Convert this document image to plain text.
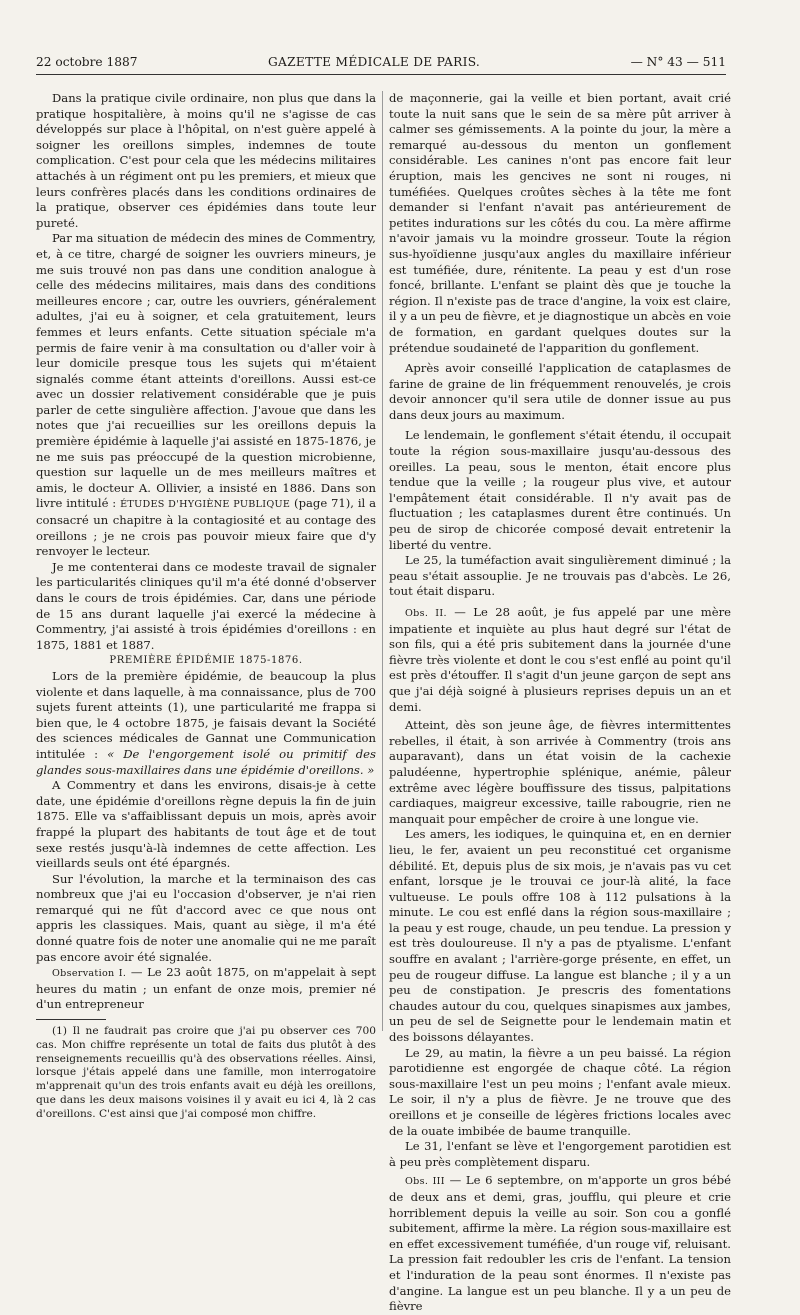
22 octobre 1887	GAZETTE MÉDICALE DE PARIS.	— N° 43 — 511

Dans la pratique civile ordinaire, non plus que dans la pratique hospitalière, à moins qu'il ne s'agisse de cas développés sur place à l'hôpital, on n'est guère appelé à soigner les oreillons simples, indemnes de toute complication. C'est pour cela que les médecins militaires attachés à un régiment ont pu les premiers, et mieux que leurs confrères placés dans les conditions ordinaires de la pratique, observer ces épidémies dans toute leur pureté.

Par ma situation de médecin des mines de Commentry, et, à ce titre, chargé de soigner les ouvriers mineurs, je me suis trouvé non pas dans une condition analogue à celle des médecins militaires, mais dans des conditions meilleures encore ; car, outre les ouvriers, généralement adultes, j'ai eu à soigner, et cela gratuitement, leurs femmes et leurs enfants. Cette situation spéciale m'a permis de faire venir à ma consultation ou d'aller voir à leur domicile presque tous les sujets qui m'étaient signalés comme étant atteints d'oreillons. Aussi est-ce avec un dossier relativement considérable que je puis parler de cette singulière affection. J'avoue que dans les notes que j'ai recueillies sur les oreillons depuis la première épidémie à laquelle j'ai assisté en 1875-1876, je ne me suis pas préoccupé de la question microbienne, question sur laquelle un de mes meilleurs maîtres et amis, le docteur A. Ollivier, a insisté en 1886. Dans son livre intitulé : ÉTUDES D'HYGIÈNE PUBLIQUE (page 71), il a consacré un chapitre à la contagiosité et au contage des oreillons ; je ne crois pas pouvoir mieux faire que d'y renvoyer le lecteur.

Je me contenterai dans ce modeste travail de signaler les particularités cliniques qu'il m'a été donné d'observer dans le cours de trois épidémies. Car, dans une période de 15 ans durant laquelle j'ai exercé la médecine à Commentry, j'ai assisté à trois épidémies d'oreillons : en 1875, 1881 et 1887.

PREMIÈRE ÉPIDÉMIE 1875-1876.

Lors de la première épidémie, de beaucoup la plus violente et dans laquelle, à ma connaissance, plus de 700 sujets furent atteints (1), une particularité me frappa si bien que, le 4 octobre 1875, je faisais devant la Société des sciences médicales de Gannat une Communication intitulée : « De l'engorgement isolé ou primitif des glandes sous-maxillaires dans une épidémie d'oreillons. »

A Commentry et dans les environs, disais-je à cette date, une épidémie d'oreillons règne depuis la fin de juin 1875. Elle va s'affaiblissant depuis un mois, après avoir frappé la plupart des habitants de tout âge et de tout sexe restés jusqu'à-là indemnes de cette affection. Les vieillards seuls ont été épargnés.

Sur l'évolution, la marche et la terminaison des cas nombreux que j'ai eu l'occasion d'observer, je n'ai rien remarqué qui ne fût d'accord avec ce que nous ont appris les classiques. Mais, quant au siège, il m'a été donné quatre fois de noter une anomalie qui ne me paraît pas encore avoir été signalée.

Observation I. — Le 23 août 1875, on m'appelait à sept heures du matin ; un enfant de onze mois, premier né d'un entrepreneur

(1) Il ne faudrait pas croire que j'ai pu observer ces 700 cas. Mon chiffre représente un total de faits dus plutôt à des renseignements recueillis qu'à des observations réelles. Ainsi, lorsque j'étais appelé dans une famille, mon interrogatoire m'apprenait qu'un des trois enfants avait eu déjà les oreillons, que dans les deux maisons voisines il y avait eu ici 4, là 2 cas d'oreillons. C'est ainsi que j'ai composé mon chiffre.

de maçonnerie, gai la veille et bien portant, avait crié toute la nuit sans que le sein de sa mère pût arriver à calmer ses gémissements. A la pointe du jour, la mère a remarqué au-dessous du menton un gonflement considérable. Les canines n'ont pas encore fait leur éruption, mais les gencives ne sont ni rouges, ni tuméfiées. Quelques croûtes sèches à la tête me font demander si l'enfant n'avait pas antérieurement de petites indurations sur les côtés du cou. La mère affirme n'avoir jamais vu la moindre grosseur. Toute la région sus-hyoïdienne jusqu'aux angles du maxillaire inférieur est tuméfiée, dure, rénitente. La peau y est d'un rose foncé, brillante. L'enfant se plaint dès que je touche la région. Il n'existe pas de trace d'angine, la voix est claire, il y a un peu de fièvre, et je diagnostique un abcès en voie de formation, en gardant quelques doutes sur la prétendue soudaineté de l'apparition du gonflement.

Après avoir conseillé l'application de cataplasmes de farine de graine de lin fréquemment renouvelés, je crois devoir annoncer qu'il sera utile de donner issue au pus dans deux jours au maximum.

Le lendemain, le gonflement s'était étendu, il occupait toute la région sous-maxillaire jusqu'au-dessous des oreilles. La peau, sous le menton, était encore plus tendue que la veille ; la rougeur plus vive, et autour l'empâtement était considérable. Il n'y avait pas de fluctuation ; les cataplasmes durent être continués. Un peu de sirop de chicorée composé devait entretenir la liberté du ventre.

Le 25, la tuméfaction avait singulièrement diminué ; la peau s'était assouplie. Je ne trouvais pas d'abcès. Le 26, tout était disparu.

Obs. II. — Le 28 août, je fus appelé par une mère impatiente et inquiète au plus haut degré sur l'état de son fils, qui a été pris subitement dans la journée d'une fièvre très violente et dont le cou s'est enflé au point qu'il est près d'étouffer. Il s'agit d'un jeune garçon de sept ans que j'ai déjà soigné à plusieurs reprises depuis un an et demi.

Atteint, dès son jeune âge, de fièvres intermittentes rebelles, il était, à son arrivée à Commentry (trois ans auparavant), dans un état voisin de la cachexie paludéenne, hypertrophie splénique, anémie, pâleur extrême avec légère bouffissure des tissus, palpitations cardiaques, maigreur excessive, taille rabougrie, rien ne manquait pour empêcher de croire à une longue vie.

Les amers, les iodiques, le quinquina et, en en dernier lieu, le fer, avaient un peu reconstitué cet organisme débilité. Et, depuis plus de six mois, je n'avais pas vu cet enfant, lorsque je le trouvai ce jour-là alité, la face vultueuse. Le pouls offre 108 à 112 pulsations à la minute. Le cou est enflé dans la région sous-maxillaire ; la peau y est rouge, chaude, un peu tendue. La pression y est très douloureuse. Il n'y a pas de ptyalisme. L'enfant souffre en avalant ; l'arrière-gorge présente, en effet, un peu de rougeur diffuse. La langue est blanche ; il y a un peu de constipation. Je prescris des fomentations chaudes autour du cou, quelques sinapismes aux jambes, un peu de sel de Seignette pour le lendemain matin et des boissons délayantes.

Le 29, au matin, la fièvre a un peu baissé. La région parotidienne est engorgée de chaque côté. La région sous-maxillaire l'est un peu moins ; l'enfant avale mieux. Le soir, il n'y a plus de fièvre. Je ne trouve que des oreillons et je conseille de légères frictions locales avec de la ouate imbibée de baume tranquille.

Le 31, l'enfant se lève et l'engorgement parotidien est à peu près complètement disparu.

Obs. III — Le 6 septembre, on m'apporte un gros bébé de deux ans et demi, gras, joufflu, qui pleure et crie horriblement depuis la veille au soir. Son cou a gonflé subitement, affirme la mère. La région sous-maxillaire est en effet excessivement tuméfiée, d'un rouge vif, reluisant. La pression fait redoubler les cris de l'enfant. La tension et l'induration de la peau sont énormes. Il n'existe pas d'angine. La langue est un peu blanche. Il y a un peu de fièvre
